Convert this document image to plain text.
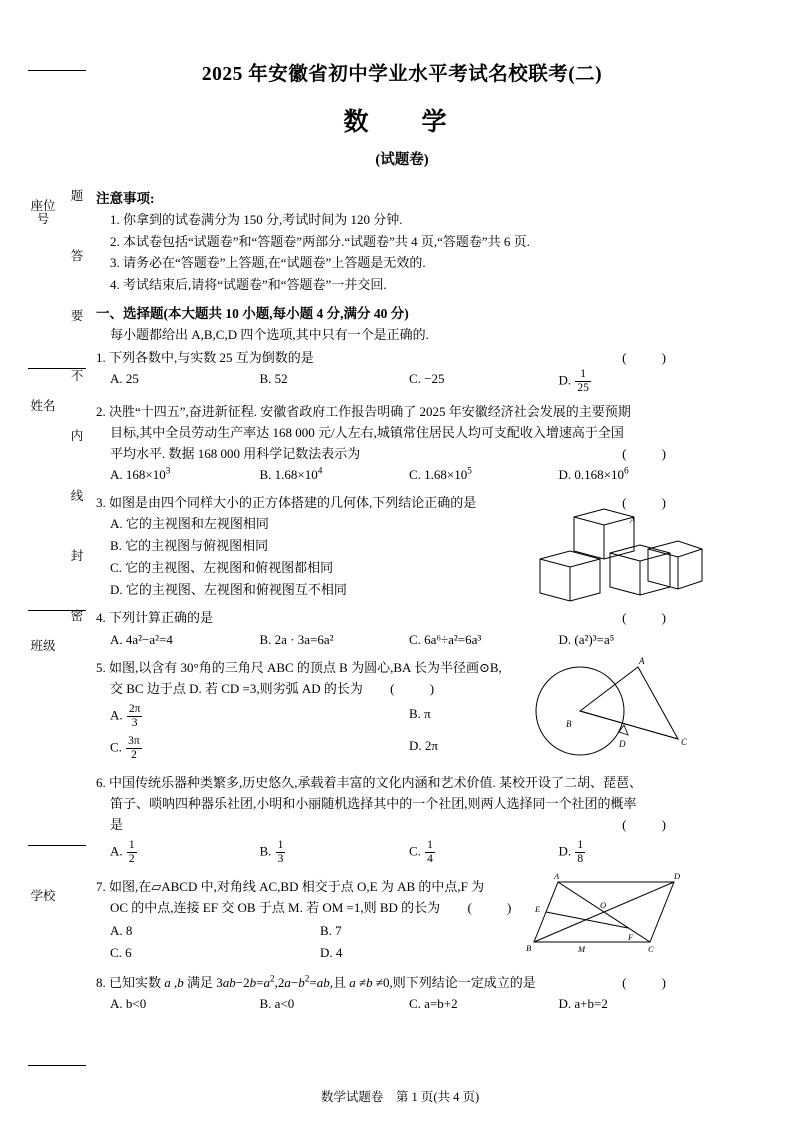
座位号
姓名
班级
学校
题
答
要
不
内
线
封
密
2025 年安徽省初中学业水平考试名校联考(二)
数　学
(试题卷)
注意事项:
1. 你拿到的试卷满分为 150 分,考试时间为 120 分钟.
2. 本试卷包括“试题卷”和“答题卷”两部分.“试题卷”共 4 页,“答题卷”共 6 页.
3. 请务必在“答题卷”上答题,在“试题卷”上答题是无效的.
4. 考试结束后,请将“试题卷”和“答题卷”一并交回.
一、选择题(本大题共 10 小题,每小题 4 分,满分 40 分)
每小题都给出 A,B,C,D 四个选项,其中只有一个是正确的.
( )
1. 下列各数中,与实数 25 互为倒数的是
A. 25	B. 52	C. −25	D. $\frac{1}{25}$
2. 决胜“十四五”,奋进新征程. 安徽省政府工作报告明确了 2025 年安徽经济社会发展的主要预期
目标,其中全员劳动生产率达 168 000 元/人左右,城镇常住居民人均可支配收入增速高于全国
( )
平均水平. 数据 168 000 用科学记数法表示为
A. $168\times 10^3$	B. $1.68\times 10^4$	C. $1.68\times 10^5$	D. $0.168\times 10^6$
( )
3. 如图是由四个同样大小的正方体搭建的几何体,下列结论正确的是
A. 它的主视图和左视图相同
B. 它的主视图与俯视图相同
C. 它的主视图、左视图和俯视图都相同
D. 它的主视图、左视图和俯视图互不相同
A
( )
4. 下列计算正确的是
A. 4a²−a²=4	B. 2a · 3a=6a²	C. 6a⁶÷a²=6a³	D. (a²)³=a⁵
5. 如图,以含有 30°角的三角尺 ABC 的顶点 B 为圆心,BA 长为半径画⊙B,
交 BC 边于点 D. 若 CD =3,则劣弧 AD 的长为 ( )
A. $\frac{2\pi}{3}$	B. π
C. $\frac{3\pi}{2}$	D. 2π
A
B
D	C
6. 中国传统乐器种类繁多,历史悠久,承载着丰富的文化内涵和艺术价值. 某校开设了二胡、琵琶、
笛子、唢呐四种器乐社团,小明和小丽随机选择其中的一个社团,则两人选择同一个社团的概率
( )
是
A. $\frac{1}{2}$	B. $\frac{1}{3}$	C. $\frac{1}{4}$	D. $\frac{1}{8}$
7. 如图,在▱ABCD 中,对角线 AC,BD 相交于点 O,E 为 AB 的中点,F 为
OC 的中点,连接 EF 交 OB 于点 M. 若 OM =1,则 BD 的长为 ( )
A. 8	B. 7
C. 6	D. 4
A	D
E	O
B	M
F
C
( )
8. 已知实数 a ,b 满足 $3ab-2b=a^2,2a-b^2=ab$,且 a ≠b ≠0,则下列结论一定成立的是
A. b<0	B. a<0	C. a=b+2	D. a+b=2
数学试题卷　第 1 页(共 4 页)
